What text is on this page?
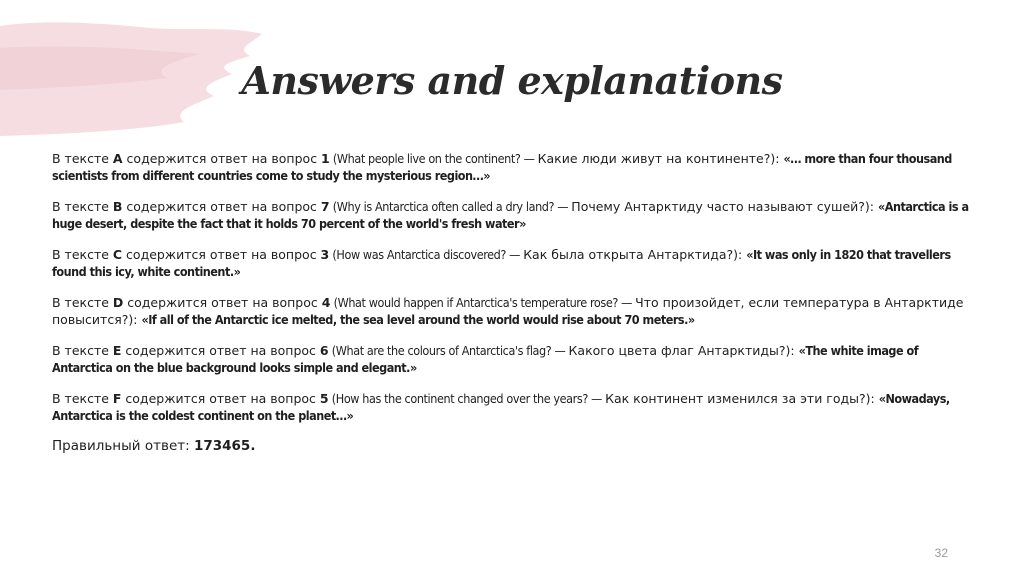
Answers and explanations

В тексте A содержится ответ на вопрос 1 (What people live on the continent? — Какие люди живут на континенте?): «… more than four thousand scientists from different countries come to study the mysterious region…»

В тексте B содержится ответ на вопрос 7 (Why is Antarctica often called a dry land? — Почему Антарктиду часто называют сушей?): «Antarctica is a huge desert, despite the fact that it holds 70 percent of the world's fresh water»

В тексте C содержится ответ на вопрос 3 (How was Antarctica discovered? — Как была открыта Антарктида?): «It was only in 1820 that travellers found this icy, white continent.»

В тексте D содержится ответ на вопрос 4 (What would happen if Antarctica's temperature rose? — Что произойдет, если температура в Антарктиде повысится?): «If all of the Antarctic ice melted, the sea level around the world would rise about 70 meters.»

В тексте E содержится ответ на вопрос 6 (What are the colours of Antarctica's flag? — Какого цвета флаг Антарктиды?): «The white image of Antarctica on the blue background looks simple and elegant.»

В тексте F содержится ответ на вопрос 5 (How has the continent changed over the years? — Как континент изменился за эти годы?): «Nowadays, Antarctica is the coldest continent on the planet…»

Правильный ответ: 173465.

32
